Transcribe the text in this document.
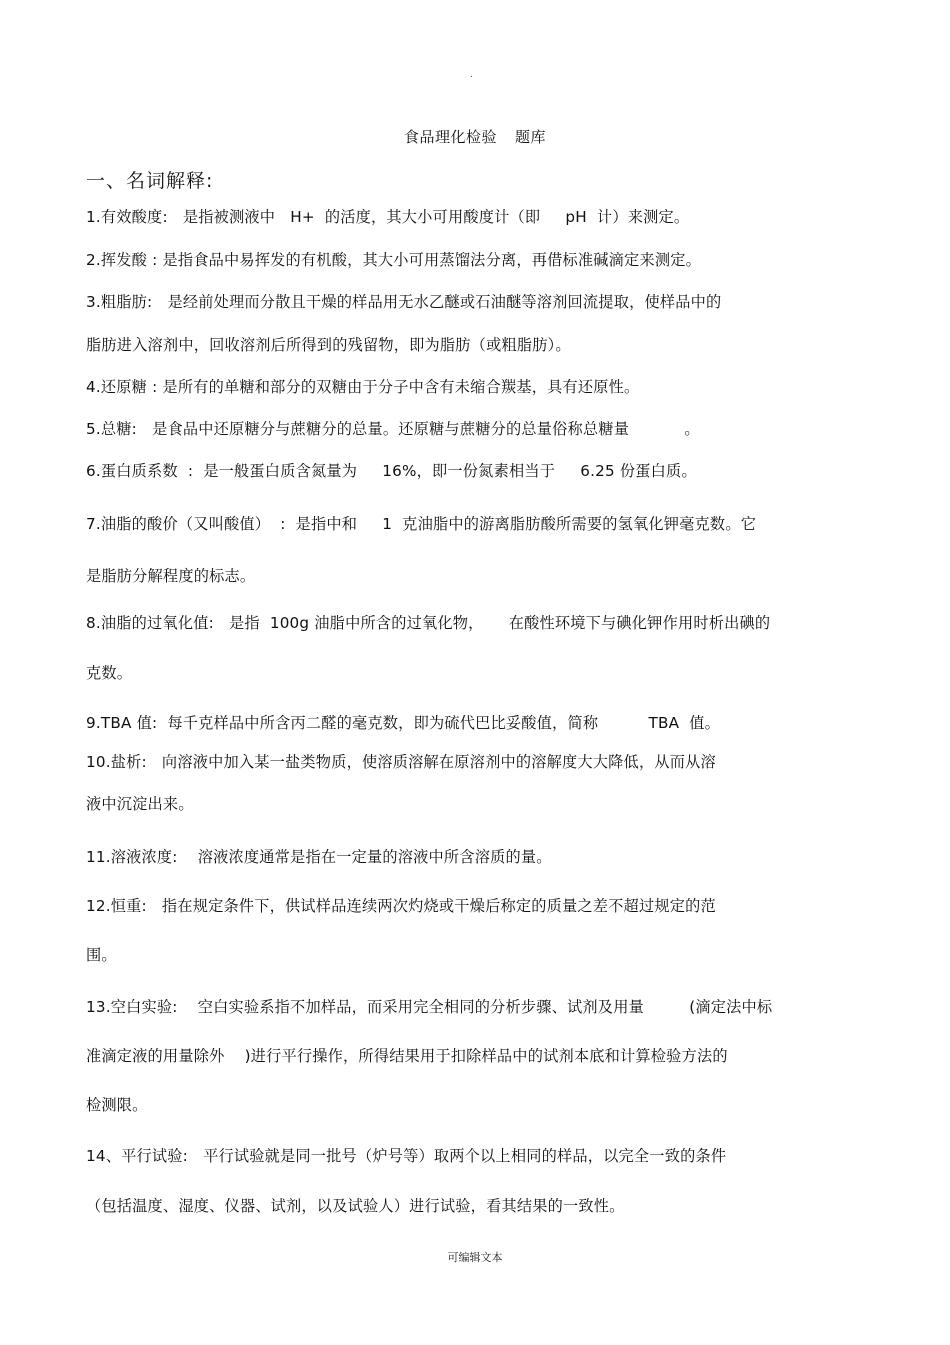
.
食品理化检验 题库
一、名词解释:
1.有效酸度:   是指被测液中   H+  的活度，其大小可用酸度计（即     pH  计）来测定。
2.挥发酸 : 是指食品中易挥发的有机酸，其大小可用蒸馏法分离，再借标准碱滴定来测定。
3.粗脂肪:   是经前处理而分散且干燥的样品用无水乙醚或石油醚等溶剂回流提取，使样品中的
脂肪进入溶剂中，回收溶剂后所得到的残留物，即为脂肪（或粗脂肪）。
4.还原糖 : 是所有的单糖和部分的双糖由于分子中含有未缩合羰基，具有还原性。
5.总糖:   是食品中还原糖分与蔗糖分的总量。还原糖与蔗糖分的总量俗称总糖量           。
6.蛋白质系数  :  是一般蛋白质含氮量为     16%，即一份氮素相当于     6.25 份蛋白质。
7.油脂的酸价（又叫酸值）  :  是指中和     1  克油脂中的游离脂肪酸所需要的氢氧化钾毫克数。它
是脂肪分解程度的标志。
8.油脂的过氧化值:   是指  100g 油脂中所含的过氧化物，     在酸性环境下与碘化钾作用时析出碘的
克数。
9.TBA 值:  每千克样品中所含丙二醛的毫克数，即为硫代巴比妥酸值，简称          TBA  值。
10.盐析:   向溶液中加入某一盐类物质，使溶质溶解在原溶剂中的溶解度大大降低，从而从溶
液中沉淀出来。
11.溶液浓度:    溶液浓度通常是指在一定量的溶液中所含溶质的量。
12.恒重:   指在规定条件下，供试样品连续两次灼烧或干燥后称定的质量之差不超过规定的范
围。
13.空白实验:    空白实验系指不加样品，而采用完全相同的分析步骤、试剂及用量         (滴定法中标
准滴定液的用量除外    )进行平行操作，所得结果用于扣除样品中的试剂本底和计算检验方法的
检测限。
14、平行试验:   平行试验就是同一批号（炉号等）取两个以上相同的样品，以完全一致的条件
（包括温度、湿度、仪器、试剂，以及试验人）进行试验，看其结果的一致性。
可编辑文本
